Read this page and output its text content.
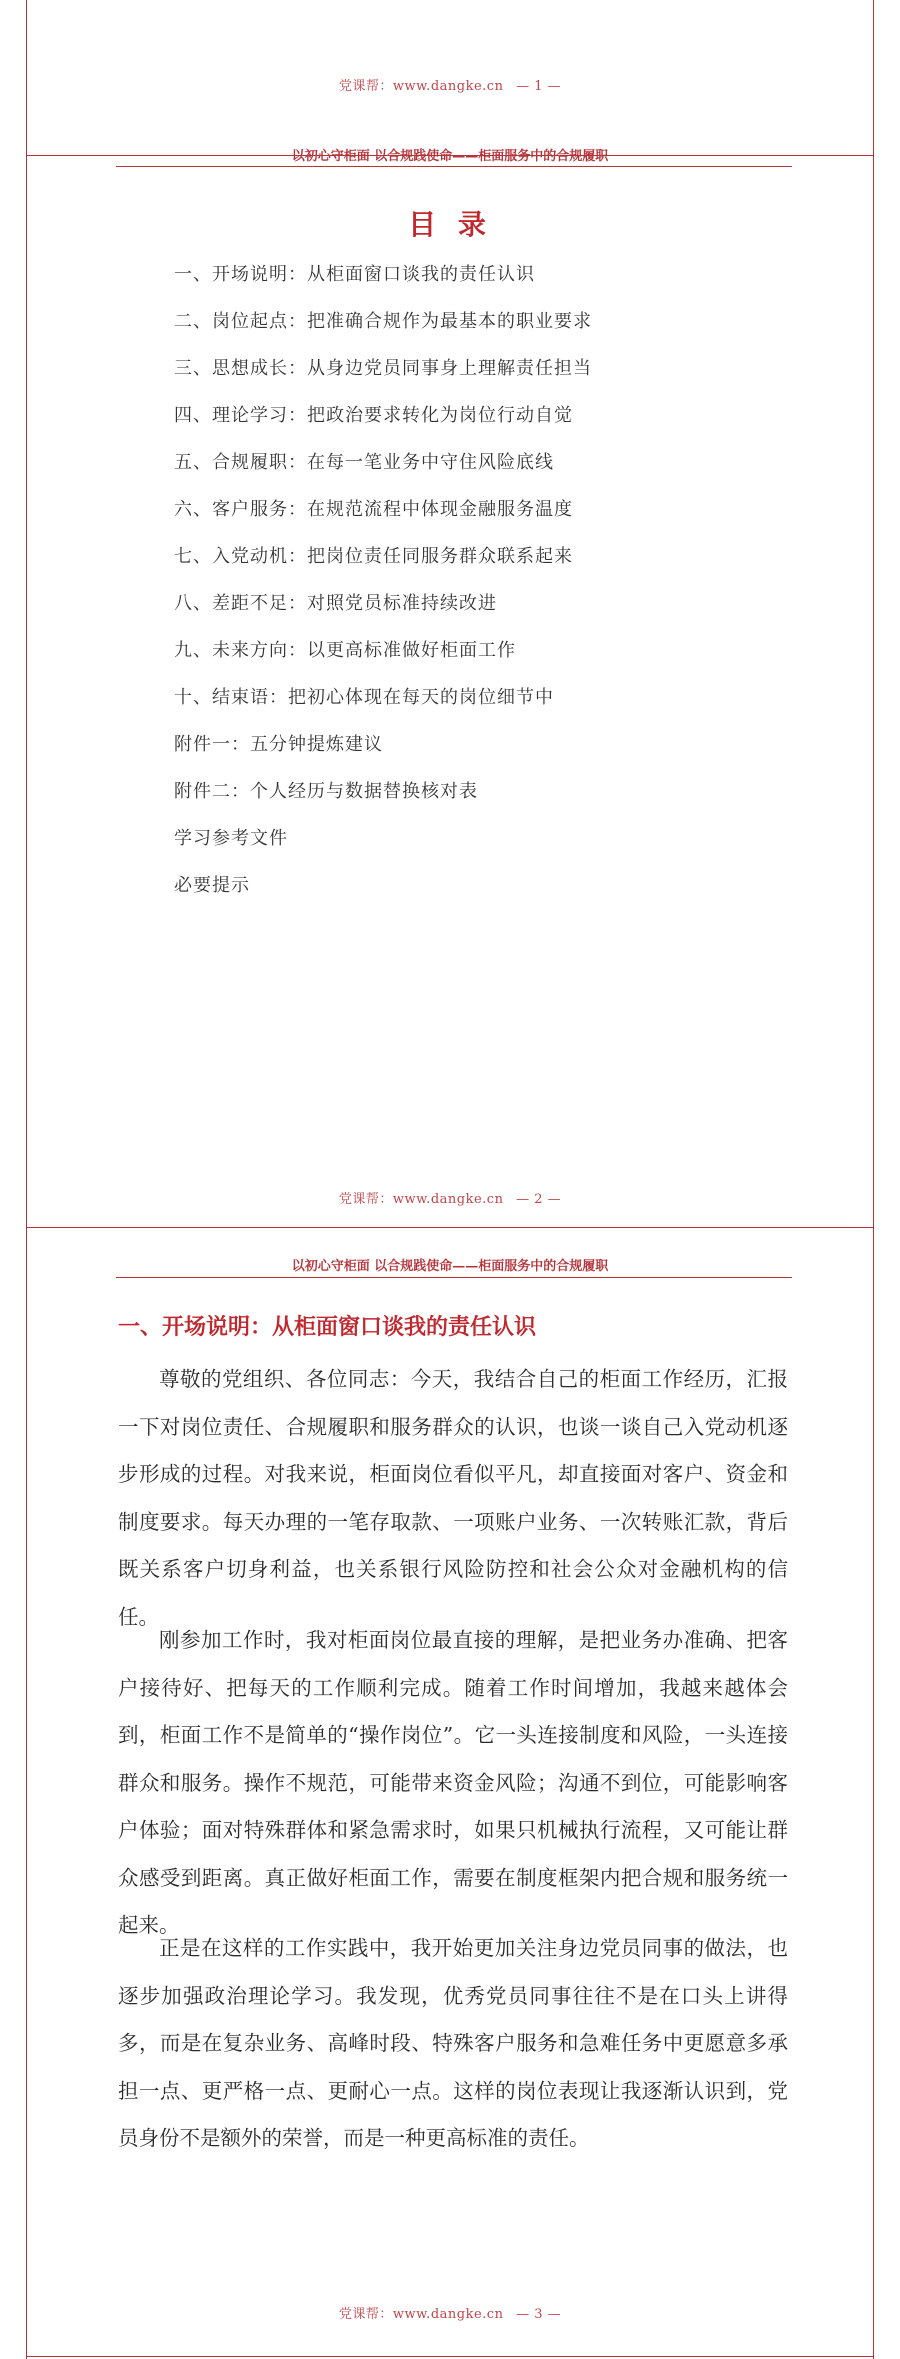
党课帮：www.dangke.cn — 1 —
以初心守柜面 以合规践使命——柜面服务中的合规履职
目 录
一、开场说明：从柜面窗口谈我的责任认识
二、岗位起点：把准确合规作为最基本的职业要求
三、思想成长：从身边党员同事身上理解责任担当
四、理论学习：把政治要求转化为岗位行动自觉
五、合规履职：在每一笔业务中守住风险底线
六、客户服务：在规范流程中体现金融服务温度
七、入党动机：把岗位责任同服务群众联系起来
八、差距不足：对照党员标准持续改进
九、未来方向：以更高标准做好柜面工作
十、结束语：把初心体现在每天的岗位细节中
附件一：五分钟提炼建议
附件二：个人经历与数据替换核对表
学习参考文件
必要提示
党课帮：www.dangke.cn — 2 —
以初心守柜面 以合规践使命——柜面服务中的合规履职
一、开场说明：从柜面窗口谈我的责任认识

尊敬的党组织、各位同志：今天，我结合自己的柜面工作经历，汇报一下对岗位责任、合规履职和服务群众的认识，也谈一谈自己入党动机逐步形成的过程。对我来说，柜面岗位看似平凡，却直接面对客户、资金和制度要求。每天办理的一笔存取款、一项账户业务、一次转账汇款，背后既关系客户切身利益，也关系银行风险防控和社会公众对金融机构的信任。

刚参加工作时，我对柜面岗位最直接的理解，是把业务办准确、把客户接待好、把每天的工作顺利完成。随着工作时间增加，我越来越体会到，柜面工作不是简单的“操作岗位”。它一头连接制度和风险，一头连接群众和服务。操作不规范，可能带来资金风险；沟通不到位，可能影响客户体验；面对特殊群体和紧急需求时，如果只机械执行流程，又可能让群众感受到距离。真正做好柜面工作，需要在制度框架内把合规和服务统一起来。

正是在这样的工作实践中，我开始更加关注身边党员同事的做法，也逐步加强政治理论学习。我发现，优秀党员同事往往不是在口头上讲得多，而是在复杂业务、高峰时段、特殊客户服务和急难任务中更愿意多承担一点、更严格一点、更耐心一点。这样的岗位表现让我逐渐认识到，党员身份不是额外的荣誉，而是一种更高标准的责任。

党课帮：www.dangke.cn — 3 —
